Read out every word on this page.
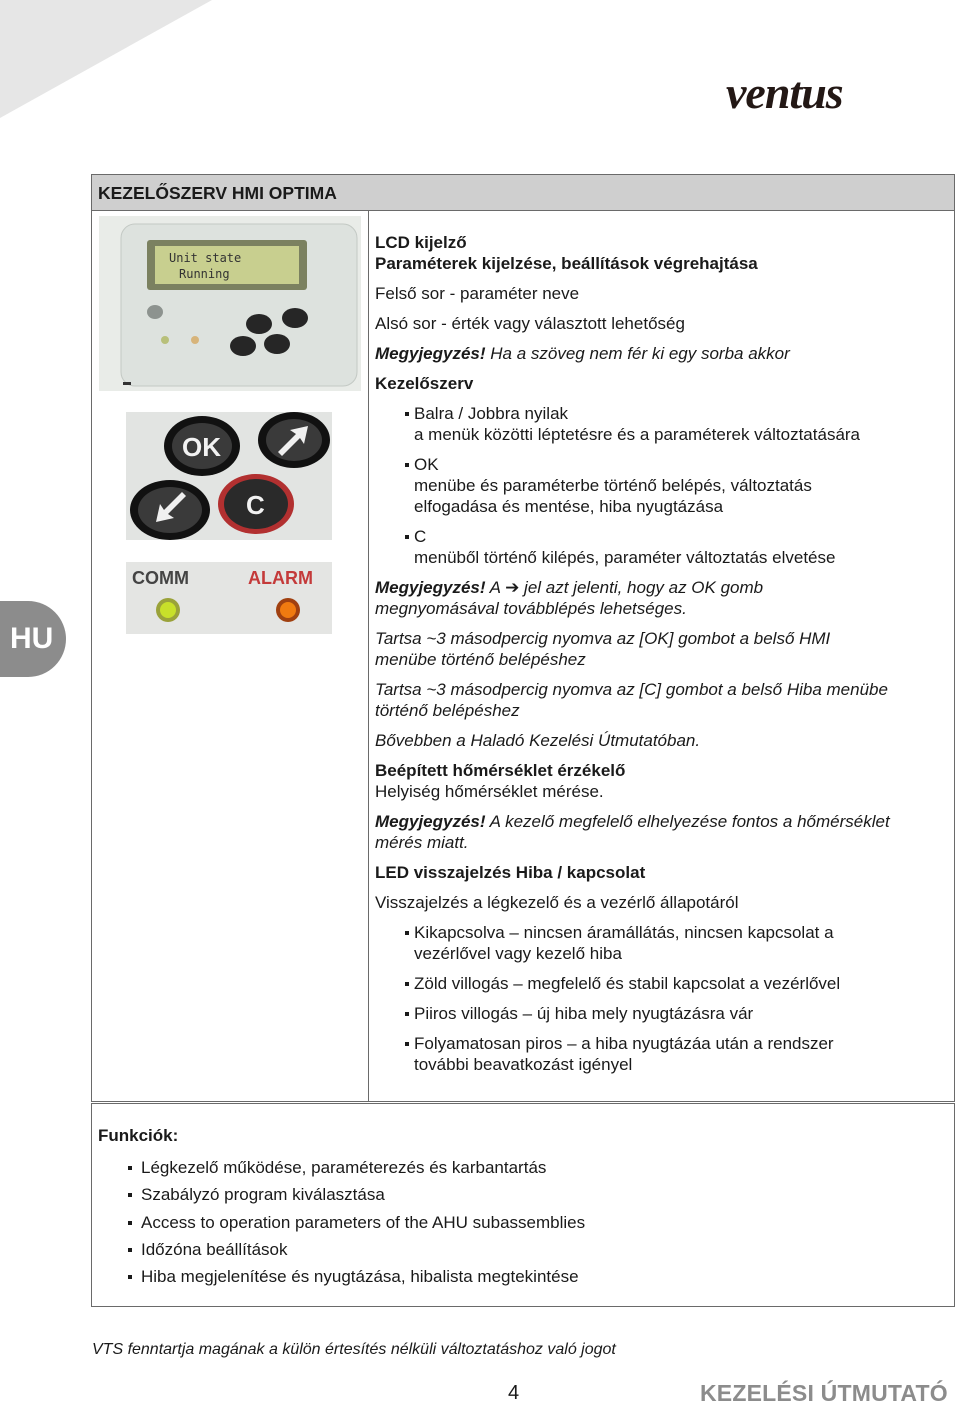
ventus
HU
KEZELŐSZERV HMI OPTIMA
Unit state
Running
OK
C
COMM	ALARM

LCD kijelző

Paraméterek kijelzése, beállítások végrehajtása

Felső sor - paraméter neve

Alsó sor - érték vagy választott lehetőség

Megyjegyzés! Ha a szöveg nem fér ki egy sorba akkor

Kezelőszerv

Balra / Jobbra nyilak

a menük közötti léptetésre és a paraméterek változtatására

OK

menübe és paraméterbe történő belépés, változtatás

elfogadása és mentése, hiba nyugtázása

C

menüből történő kilépés, paraméter változtatás elvetése

Megyjegyzés! A ➔ jel azt jelenti, hogy az OK gomb

megnyomásával továbblépés lehetséges.

Tartsa ~3 másodpercig nyomva az [OK] gombot a belső HMI

menübe történő belépéshez

Tartsa ~3 másodpercig nyomva az [C] gombot a belső Hiba menübe

történő belépéshez

Bővebben a Haladó Kezelési Útmutatóban.

Beépített hőmérséklet érzékelő

Helyiség hőmérséklet mérése.

Megyjegyzés! A kezelő megfelelő elhelyezése fontos a hőmérséklet

mérés miatt.

LED visszajelzés Hiba / kapcsolat

Visszajelzés a légkezelő és a vezérlő állapotáról

Kikapcsolva – nincsen áramállátás, nincsen kapcsolat a

vezérlővel vagy kezelő hiba

Zöld villogás – megfelelő és stabil kapcsolat a vezérlővel

Piiros villogás – új hiba mely nyugtázásra vár

Folyamatosan piros – a hiba nyugtázáa után a rendszer

további beavatkozást igényel

Funkciók:
Légkezelő működése, paraméterezés és karbantartás
Szabályzó program kiválasztása
Access to operation parameters of the AHU subassemblies
Időzóna beállítások
Hiba megjelenítése és nyugtázása, hibalista megtekintése
VTS fenntartja magának a külön értesítés nélküli változtatáshoz való jogot
4	KEZELÉSI ÚTMUTATÓ
